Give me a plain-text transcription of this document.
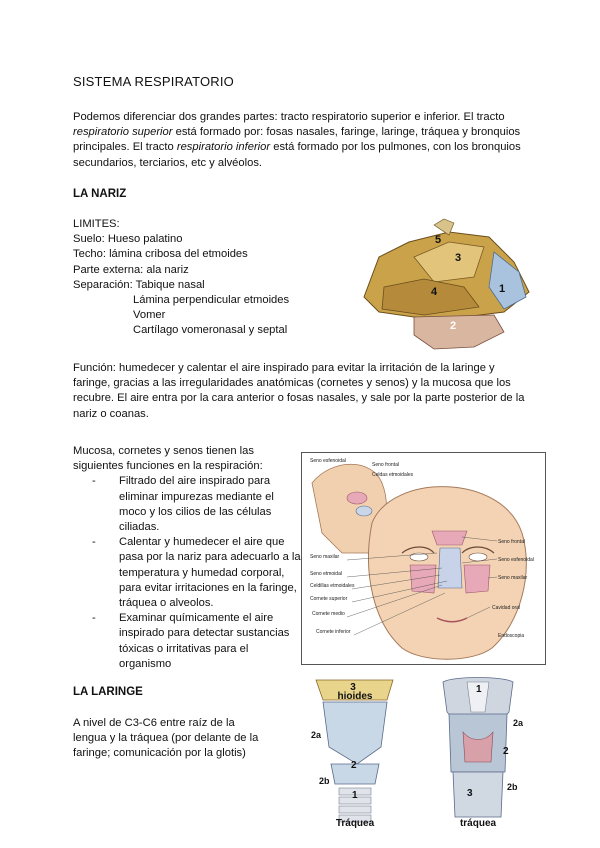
SISTEMA RESPIRATORIO
Podemos diferenciar dos grandes partes: tracto respiratorio superior e inferior. El tracto
respiratorio superior está formado por: fosas nasales, faringe, laringe, tráquea y bronquios
principales. El tracto respiratorio inferior está formado por los pulmones, con los bronquios
secundarios, terciarios, etc y alvéolos.
LA NARIZ
LIMITES:
Suelo: Hueso palatino
Techo: lámina cribosa del etmoides
Parte externa: ala nariz
Separación: Tabique nasal
Lámina perpendicular etmoides
Vomer
Cartílago vomeronasal y septal
1
2
3
4
5
Función: humedecer y calentar el aire inspirado para evitar la irritación de la laringe y
faringe, gracias a las irregularidades anatómicas (cornetes y senos) y la mucosa que los
recubre. El aire entra por la cara anterior o fosas nasales, y sale por la parte posterior de la
nariz o coanas.
Mucosa, cornetes y senos tienen las
siguientes funciones en la respiración:
- Filtrado del aire inspirado para
eliminar impurezas mediante el
moco y los cilios de las células
ciliadas.
- Calentar y humedecer el aire que
pasa por la nariz para adecuarlo a la
temperatura y humedad corporal,
para evitar irritaciones en la faringe,
tráquea o alveolos.
- Examinar químicamente el aire
inspirado para detectar sustancias
tóxicas o irritativas para el
organismo
Seno esfenoidal
Seno frontal
Celdas etmoidales
Seno maxilar
Seno etmoidal
Celdillas etmoidales
Cornete superior
Cornete medio
Cornete inferior
Seno frontal
Seno esfenoidal
Seno maxilar
Cavidad oral
Endoscopia
LA LARINGE
A nivel de C3-C6 entre raíz de la
lengua y la tráquea (por delante de la
faringe; comunicación por la glotis)
3
hioides
2a
2
2b
1
Tráquea
1
2a
2
2b
3
tráquea
